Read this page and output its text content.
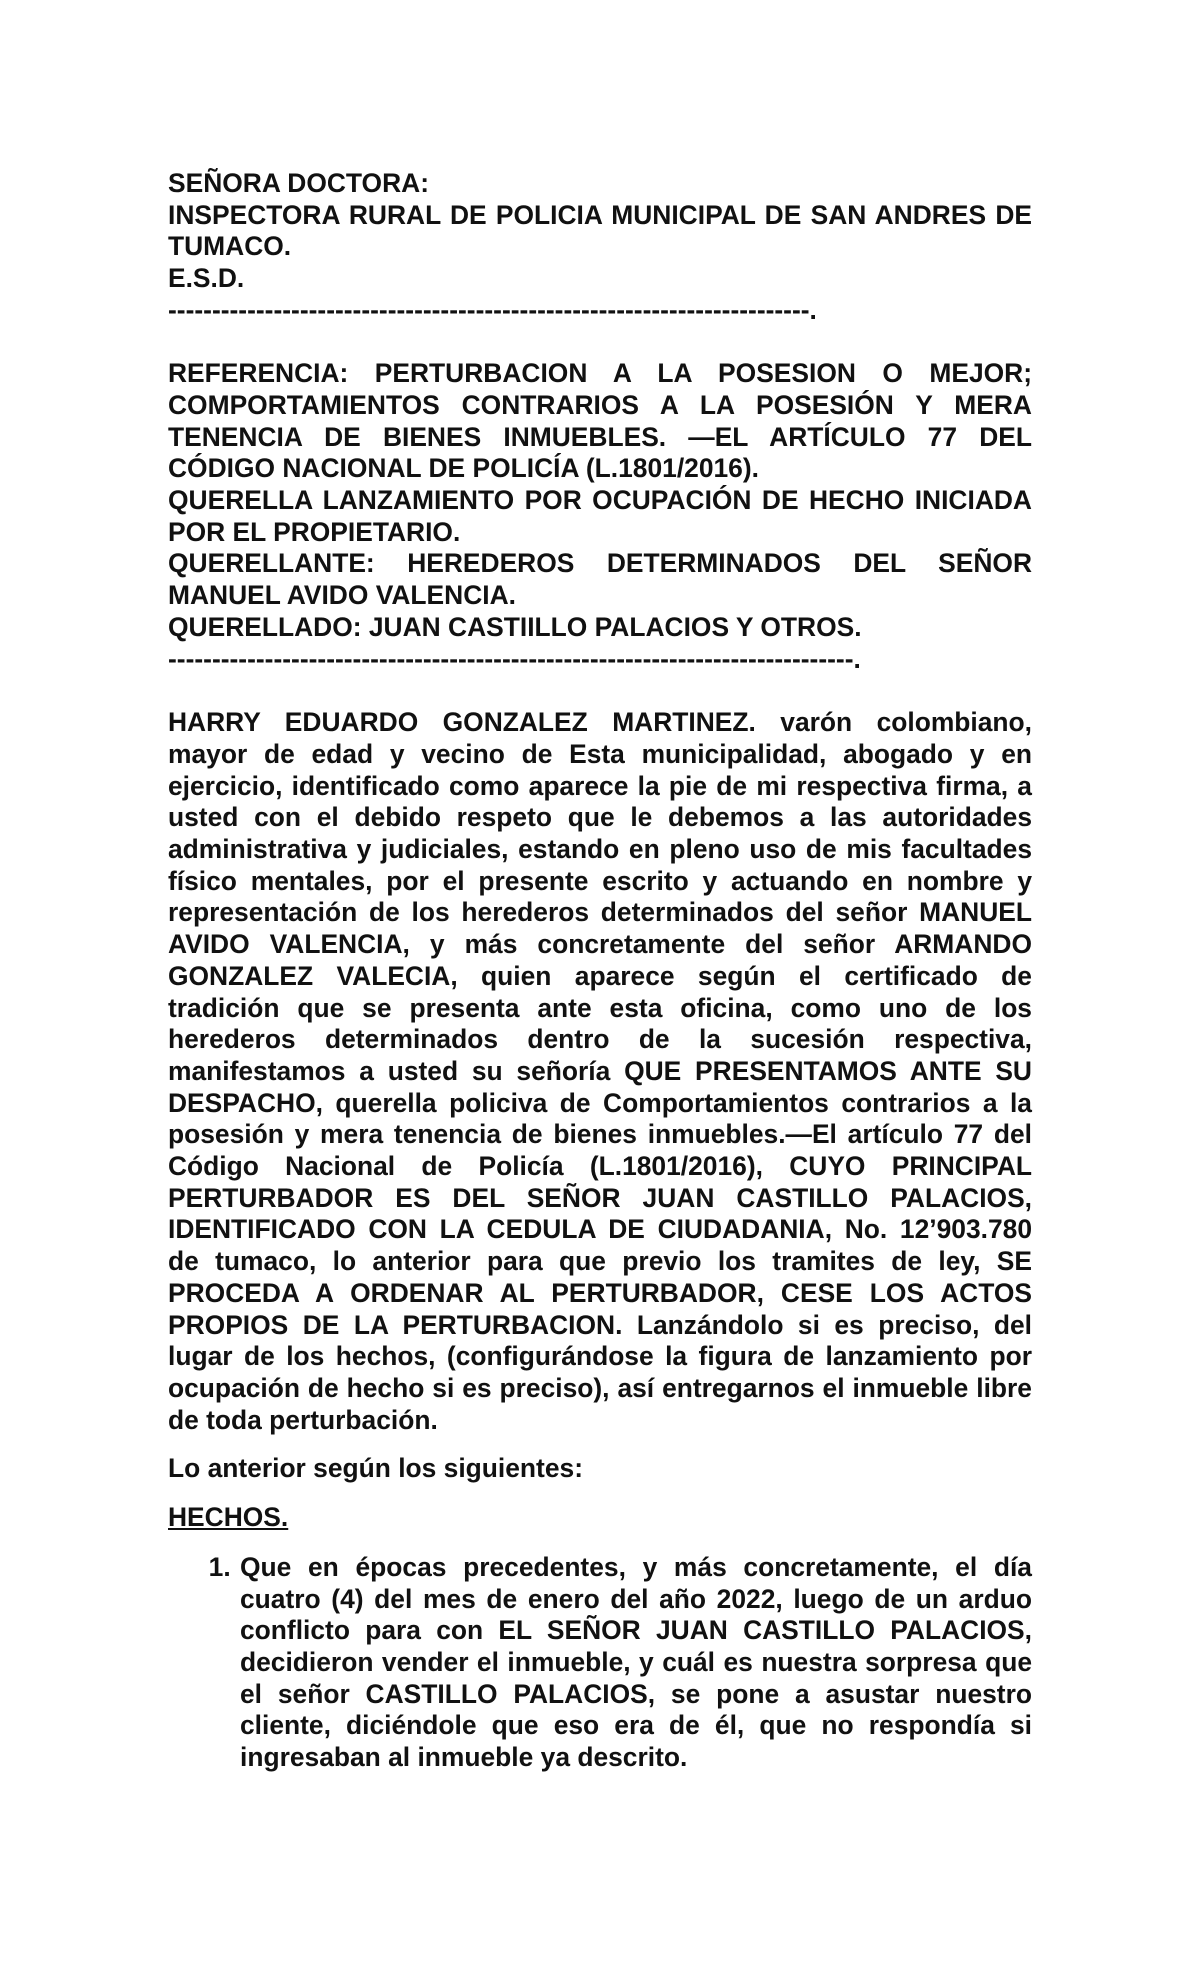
SEÑORA DOCTORA:

INSPECTORA RURAL DE POLICIA MUNICIPAL DE SAN ANDRES DE TUMACO.

E.S.D.

-------------------------------------------------------------------------.

REFERENCIA: PERTURBACION A LA POSESION O MEJOR; COMPORTAMIENTOS CONTRARIOS A LA POSESIÓN Y MERA TENENCIA DE BIENES INMUEBLES. —EL ARTÍCULO 77 DEL CÓDIGO NACIONAL DE POLICÍA (L.1801/2016).

QUERELLA LANZAMIENTO POR OCUPACIÓN DE HECHO INICIADA POR EL PROPIETARIO.

QUERELLANTE: HEREDEROS DETERMINADOS DEL SEÑOR MANUEL AVIDO VALENCIA.

QUERELLADO: JUAN CASTIILLO PALACIOS Y OTROS.

------------------------------------------------------------------------------.

HARRY EDUARDO GONZALEZ MARTINEZ. varón colombiano, mayor de edad y vecino de Esta municipalidad, abogado y en ejercicio, identificado como aparece la pie de mi respectiva firma, a usted con el debido respeto que le debemos a las autoridades administrativa y judiciales, estando en pleno uso de mis facultades físico mentales, por el presente escrito y actuando en nombre y representación de los herederos determinados del señor MANUEL AVIDO VALENCIA, y más concretamente del señor ARMANDO GONZALEZ VALECIA, quien aparece según el certificado de tradición que se presenta ante esta oficina, como uno de los herederos determinados dentro de la sucesión respectiva, manifestamos a usted su señoría QUE PRESENTAMOS ANTE SU DESPACHO, querella policiva de Comportamientos contrarios a la posesión y mera tenencia de bienes inmuebles.—El artículo 77 del Código Nacional de Policía (L.1801/2016), CUYO PRINCIPAL PERTURBADOR ES DEL SEÑOR JUAN CASTILLO PALACIOS, IDENTIFICADO CON LA CEDULA DE CIUDADANIA, No. 12’903.780 de tumaco, lo anterior para que previo los tramites de ley, SE PROCEDA A ORDENAR AL PERTURBADOR, CESE LOS ACTOS PROPIOS DE LA PERTURBACION. Lanzándolo si es preciso, del lugar de los hechos, (configurándose la figura de lanzamiento por ocupación de hecho si es preciso), así entregarnos el inmueble libre de toda perturbación.

Lo anterior según los siguientes:

HECHOS.

1. Que en épocas precedentes, y más concretamente, el día cuatro (4) del mes de enero del año 2022, luego de un arduo conflicto para con EL SEÑOR JUAN CASTILLO PALACIOS, decidieron vender el inmueble, y cuál es nuestra sorpresa que el señor CASTILLO PALACIOS, se pone a asustar nuestro cliente, diciéndole que eso era de él, que no respondía si ingresaban al inmueble ya descrito.
